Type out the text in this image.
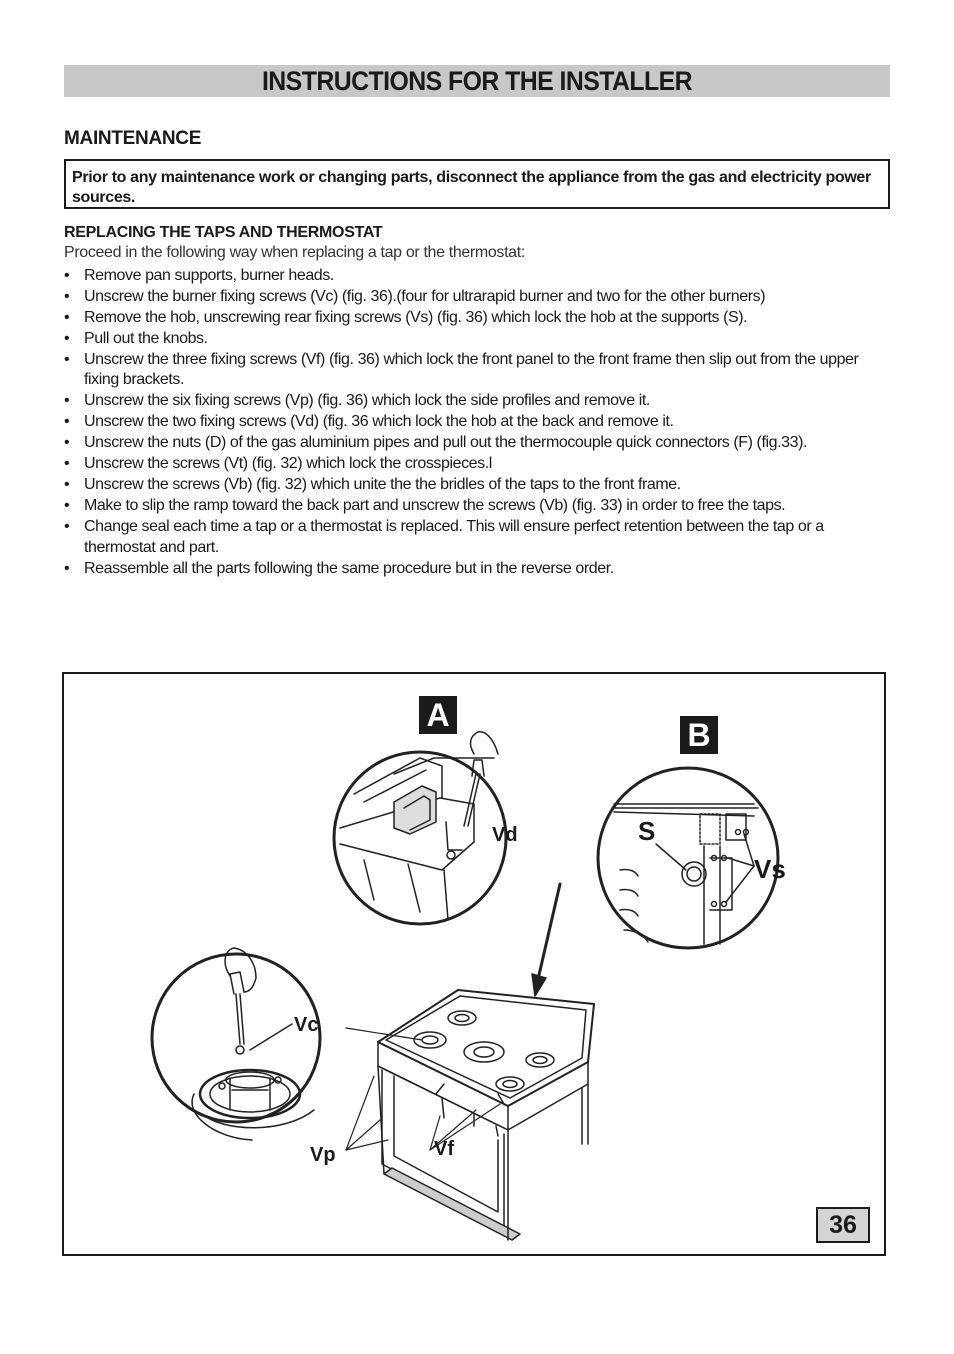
INSTRUCTIONS FOR THE INSTALLER
MAINTENANCE
Prior to any maintenance work or changing parts, disconnect the appliance from the gas and electricity power sources.
REPLACING THE TAPS AND THERMOSTAT

Proceed in the following way when replacing a tap or the thermostat:

• Remove pan supports, burner heads.
• Unscrew the burner fixing screws (Vc) (fig. 36).(four for ultrarapid burner and two for the other burners)
• Remove the hob, unscrewing rear fixing screws (Vs) (fig. 36) which lock the hob at the supports (S).
• Pull out the knobs.
• Unscrew the three fixing screws (Vf) (fig. 36) which lock the front panel to the front frame then slip out from the upper fixing brackets.
• Unscrew the six fixing screws (Vp) (fig. 36) which lock the side profiles and remove it.
• Unscrew the two fixing screws (Vd) (fig. 36 which lock the hob at the back and remove it.
• Unscrew the nuts (D) of the gas aluminium pipes and pull out the thermocouple quick connectors (F) (fig.33).
• Unscrew the screws (Vt) (fig. 32) which lock the crosspieces.l
• Unscrew the screws (Vb) (fig. 32) which unite the the bridles of the taps to the front frame.
• Make to slip the ramp toward the back part and unscrew the screws (Vb) (fig. 33) in order to free the taps.
• Change seal each time a tap or a thermostat is replaced. This will ensure perfect retention between the tap or a thermostat and part.
• Reassemble all the parts following the same procedure but in the reverse order.
A
B
Vd	S
Vs
Vc
Vp	Vf
36
